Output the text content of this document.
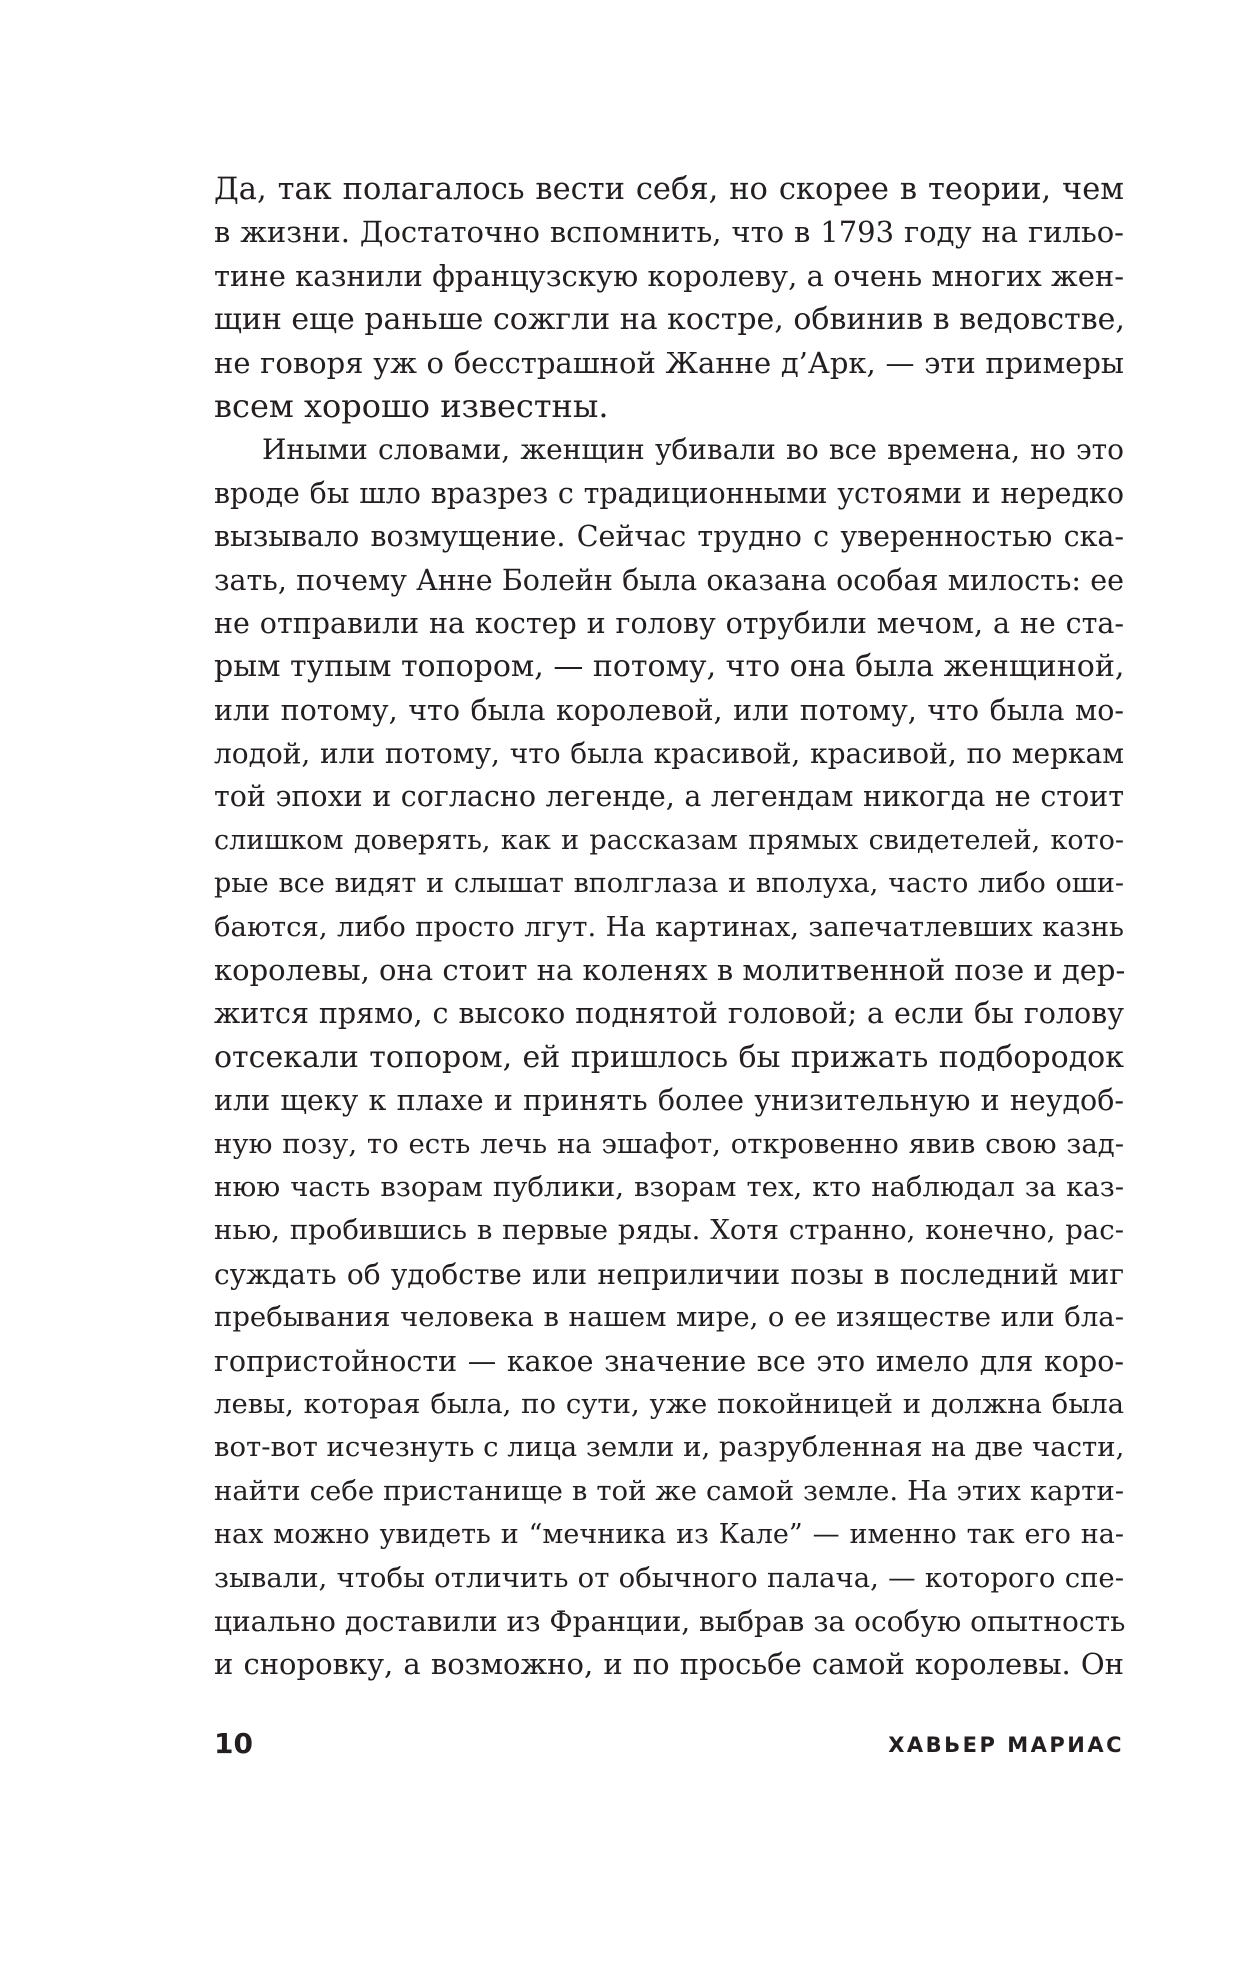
Да, так полагалось вести себя, но скорее в теории, чем
в жизни. Достаточно вспомнить, что в 1793 году на гильо-
тине казнили французскую королеву, а очень многих жен-
щин еще раньше сожгли на костре, обвинив в ведовстве,
не говоря уж о бесстрашной Жанне д’Арк, — эти примеры
всем хорошо известны.
Иными словами, женщин убивали во все времена, но это
вроде бы шло вразрез с традиционными устоями и нередко
вызывало возмущение. Сейчас трудно с уверенностью ска-
зать, почему Анне Болейн была оказана особая милость: ее
не отправили на костер и голову отрубили мечом, а не ста-
рым тупым топором, — потому, что она была женщиной,
или потому, что была королевой, или потому, что была мо-
лодой, или потому, что была красивой, красивой, по меркам
той эпохи и согласно легенде, а легендам никогда не стоит
слишком доверять, как и рассказам прямых свидетелей, кото-
рые все видят и слышат вполглаза и вполуха, часто либо оши-
баются, либо просто лгут. На картинах, запечатлевших казнь
королевы, она стоит на коленях в молитвенной позе и дер-
жится прямо, с высоко поднятой головой; а если бы голову
отсекали топором, ей пришлось бы прижать подбородок
или щеку к плахе и принять более унизительную и неудоб-
ную позу, то есть лечь на эшафот, откровенно явив свою зад-
нюю часть взорам публики, взорам тех, кто наблюдал за каз-
нью, пробившись в первые ряды. Хотя странно, конечно, рас-
суждать об удобстве или неприличии позы в последний миг
пребывания человека в нашем мире, о ее изяществе или бла-
гопристойности — какое значение все это имело для коро-
левы, которая была, по сути, уже покойницей и должна была
вот-вот исчезнуть с лица земли и, разрубленная на две части,
найти себе пристанище в той же самой земле. На этих карти-
нах можно увидеть и “мечника из Кале” — именно так его на-
зывали, чтобы отличить от обычного палача, — которого спе-
циально доставили из Франции, выбрав за особую опытность
и сноровку, а возможно, и по просьбе самой королевы. Он

10	ХАВЬЕР МАРИАС
